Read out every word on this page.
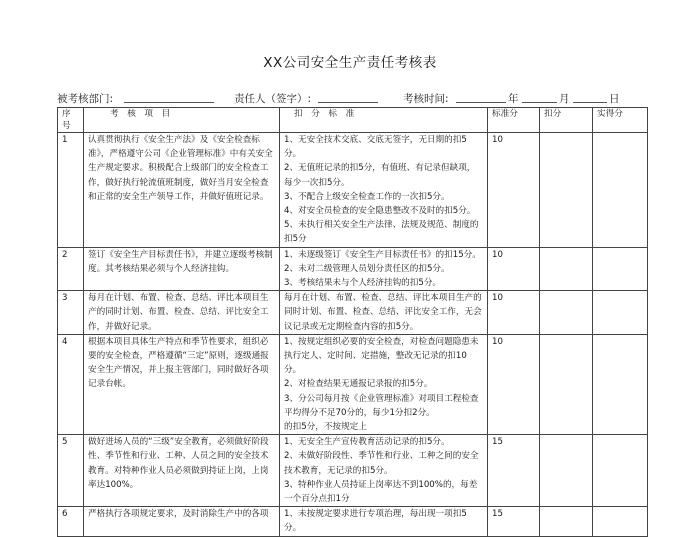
XX公司安全生产责任考核表
被考核部门:	责任人（签字）:	考核时间:	年	月	日
序号	考　核　项　目	扣　分　标　准	标准分	扣分	实得分
1	认真贯彻执行《安全生产法》及《安全检查标准》，严格遵守公司《企业管理标准》中有关安全生产规定要求。积极配合上级部门的安全检查工作，做好执行轮流值班制度，做好当月安全检查和正常的安全生产领导工作，并做好值班记录。	1、无安全技术交底、交底无签字，无日期的扣5分。
2、无值班记录的扣5分，有值班、有记录但缺项，每少一次扣5分。
3、不配合上级安全检查工作的一次扣5分。
4、对安全员检查的安全隐患整改不及时的扣5分。
5、未执行相关安全生产法律、法规及规范、制度的扣5分	10		
2	签订《安全生产目标责任书》，并建立逐级考核制度。其考核结果必须与个人经济挂钩。	1、未逐级签订《安全生产目标责任书》的扣15分。
2、未对二级管理人员划分责任区的扣5分。
3、考核结果未与个人经济挂钩的扣5分。	10		
3	每月在计划、布置、检查、总结、评比本项目生产的同时计划、布置、检查、总结、评比安全工作，并做好记录。	每月在计划、布置、检查、总结、评比本项目生产的同时计划、布置、检查、总结、评比安全工作，无会议记录或无定期检查内容的扣5分。	10		
4	根据本项目具体生产特点和季节性要求，组织必要的安全检查，严格遵循“三定”原则，逐级通报安全生产情况，并上报主管部门，同时做好各项记录台帐。	1、按规定组织必要的安全检查，对检查问题隐患未执行定人、定时间、定措施，整改无记录的扣10分。
2、对检查结果无通报记录报的扣5分。
3、分公司每月按《企业管理标准》对项目工程检查平均得分不足70分的，每少1分扣2分。
的扣5分，不按规定上	10		
5	做好进场人员的“三级”安全教育，必须做好阶段性、季节性和行业、工种、人员之间的安全技术教育。对特种作业人员必须做到持证上岗，上岗率达100%。	1、无安全生产宣传教育活动记录的扣5分。
2、未做好阶段性、季节性和行业、工种之间的安全技术教育，无记录的扣5分。
3、特种作业人员持证上岗率达不到100%的，每差一个百分点扣1分	15		
6	严格执行各项规定要求，及时消除生产中的各项	1、未按规定要求进行专项治理，每出现一项扣5分。	15		
